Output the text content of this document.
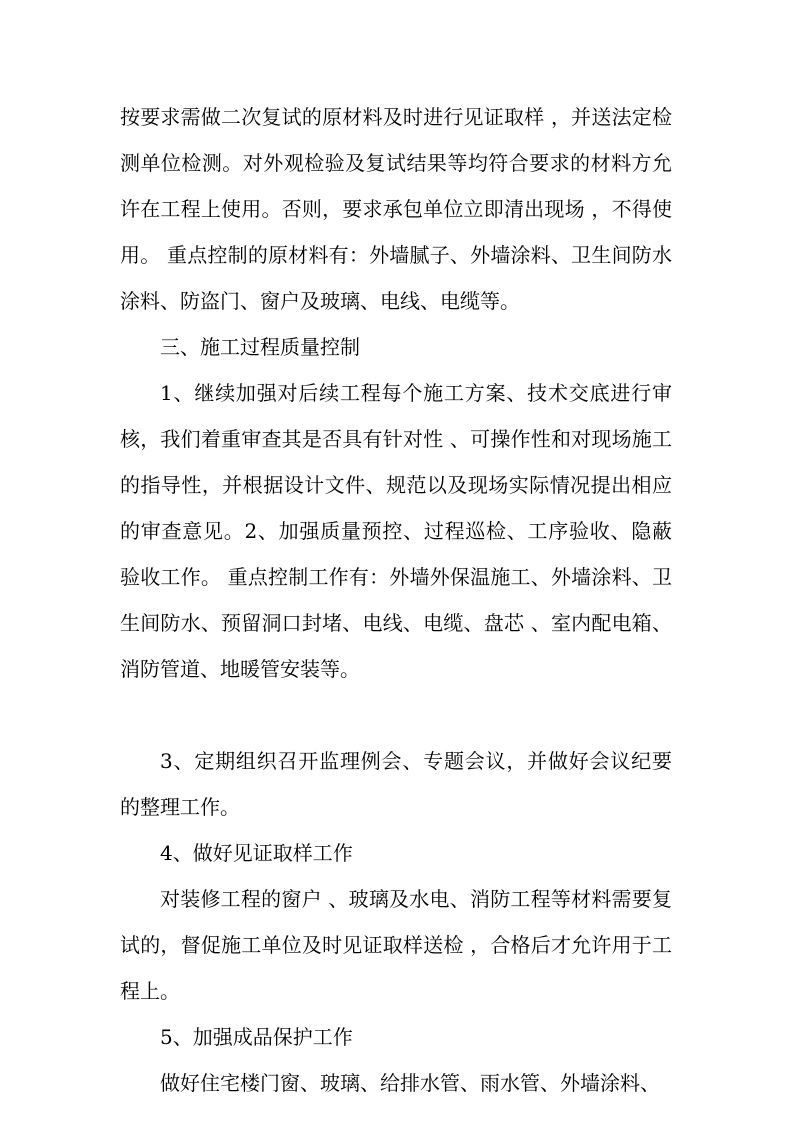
按要求需做二次复试的原材料及时进行见证取样 ，并送法定检测单位检测。对外观检验及复试结果等均符合要求的材料方允许在工程上使用。否则，要求承包单位立即清出现场 ，不得使用。 重点控制的原材料有：外墙腻子、外墙涂料、卫生间防水涂料、防盗门、窗户及玻璃、电线、电缆等。

三、施工过程质量控制

1、继续加强对后续工程每个施工方案、技术交底进行审核，我们着重审查其是否具有针对性 、可操作性和对现场施工的指导性，并根据设计文件、规范以及现场实际情况提出相应的审查意见。2、加强质量预控、过程巡检、工序验收、隐蔽验收工作。 重点控制工作有：外墙外保温施工、外墙涂料、卫生间防水、预留洞口封堵、电线、电缆、盘芯 、室内配电箱、消防管道、地暖管安装等。

3、定期组织召开监理例会、专题会议，并做好会议纪要的整理工作。

4、做好见证取样工作

对装修工程的窗户 、玻璃及水电、消防工程等材料需要复试的，督促施工单位及时见证取样送检 ，合格后才允许用于工程上。

5、加强成品保护工作

做好住宅楼门窗、玻璃、给排水管、雨水管、外墙涂料、
